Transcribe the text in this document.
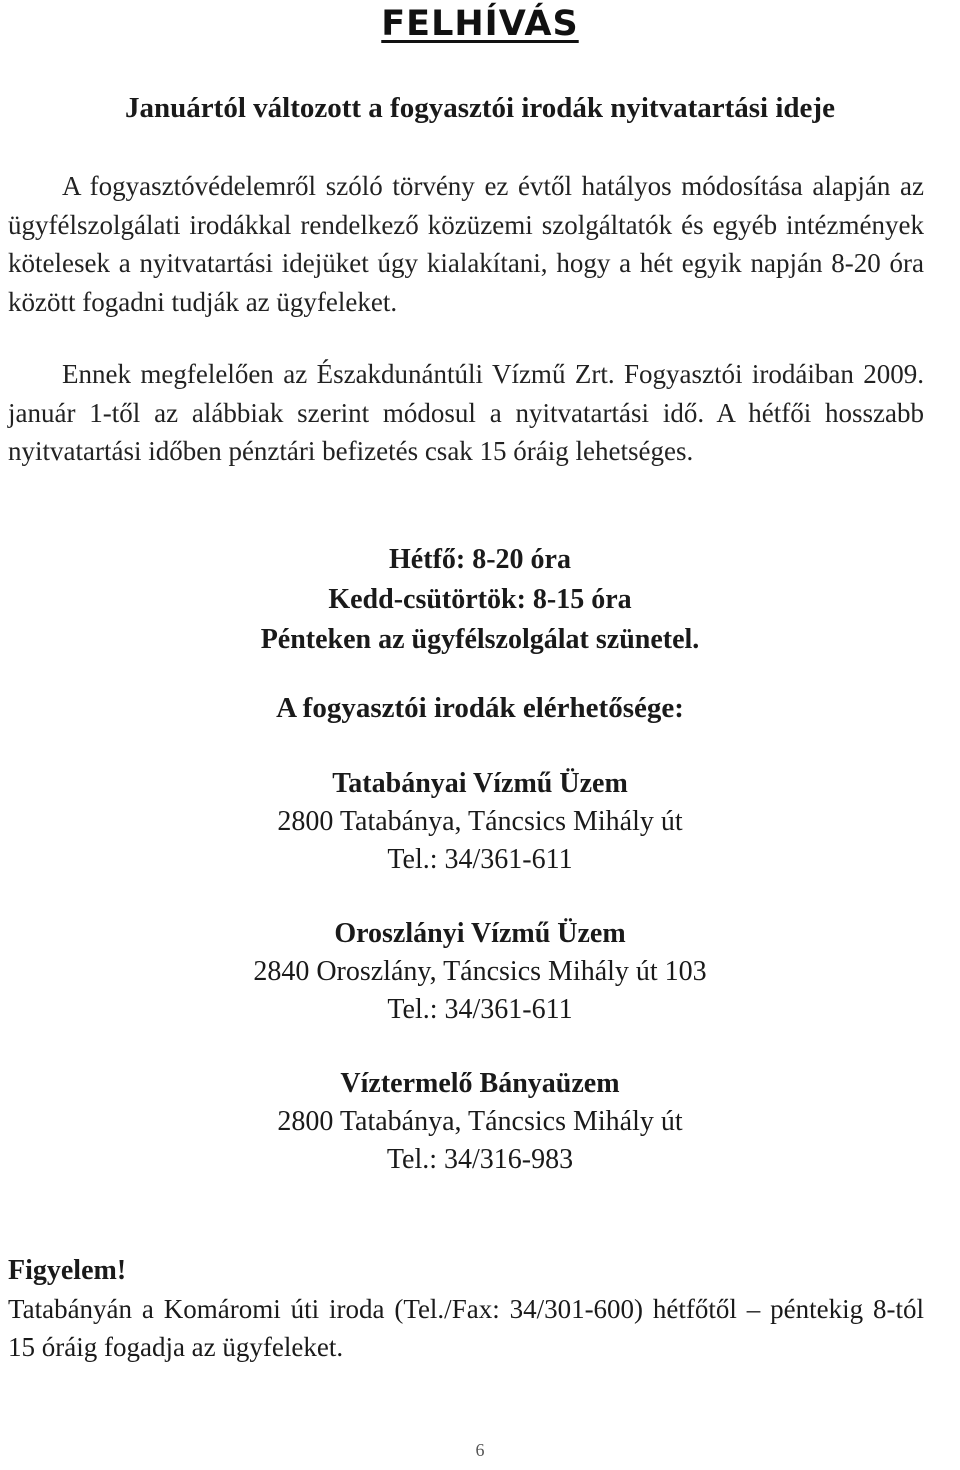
FELHÍVÁS
Januártól változott a fogyasztói irodák nyitvatartási ideje

A fogyasztóvédelemről szóló törvény ez évtől hatályos módosítása alapján az ügyfélszolgálati irodákkal rendelkező közüzemi szolgáltatók és egyéb intézmények kötelesek a nyitvatartási idejüket úgy kialakítani, hogy a hét egyik napján 8-20 óra között fogadni tudják az ügyfeleket.

Ennek megfelelően az Északdunántúli Vízmű Zrt. Fogyasztói irodáiban 2009. január 1-től az alábbiak szerint módosul a nyitvatartási idő. A hétfői hosszabb nyitvatartási időben pénztári befizetés csak 15 óráig lehetséges.

Hétfő: 8-20 óra
Kedd-csütörtök: 8-15 óra
Pénteken az ügyfélszolgálat szünetel.
A fogyasztói irodák elérhetősége:
Tatabányai Vízmű Üzem
2800 Tatabánya, Táncsics Mihály út
Tel.: 34/361-611
Oroszlányi Vízmű Üzem
2840 Oroszlány, Táncsics Mihály út 103
Tel.: 34/361-611
Víztermelő Bányaüzem
2800 Tatabánya, Táncsics Mihály út
Tel.: 34/316-983
Figyelem!

Tatabányán a Komáromi úti iroda (Tel./Fax: 34/301-600) hétfőtől – péntekig 8-tól 15 óráig fogadja az ügyfeleket.

6
